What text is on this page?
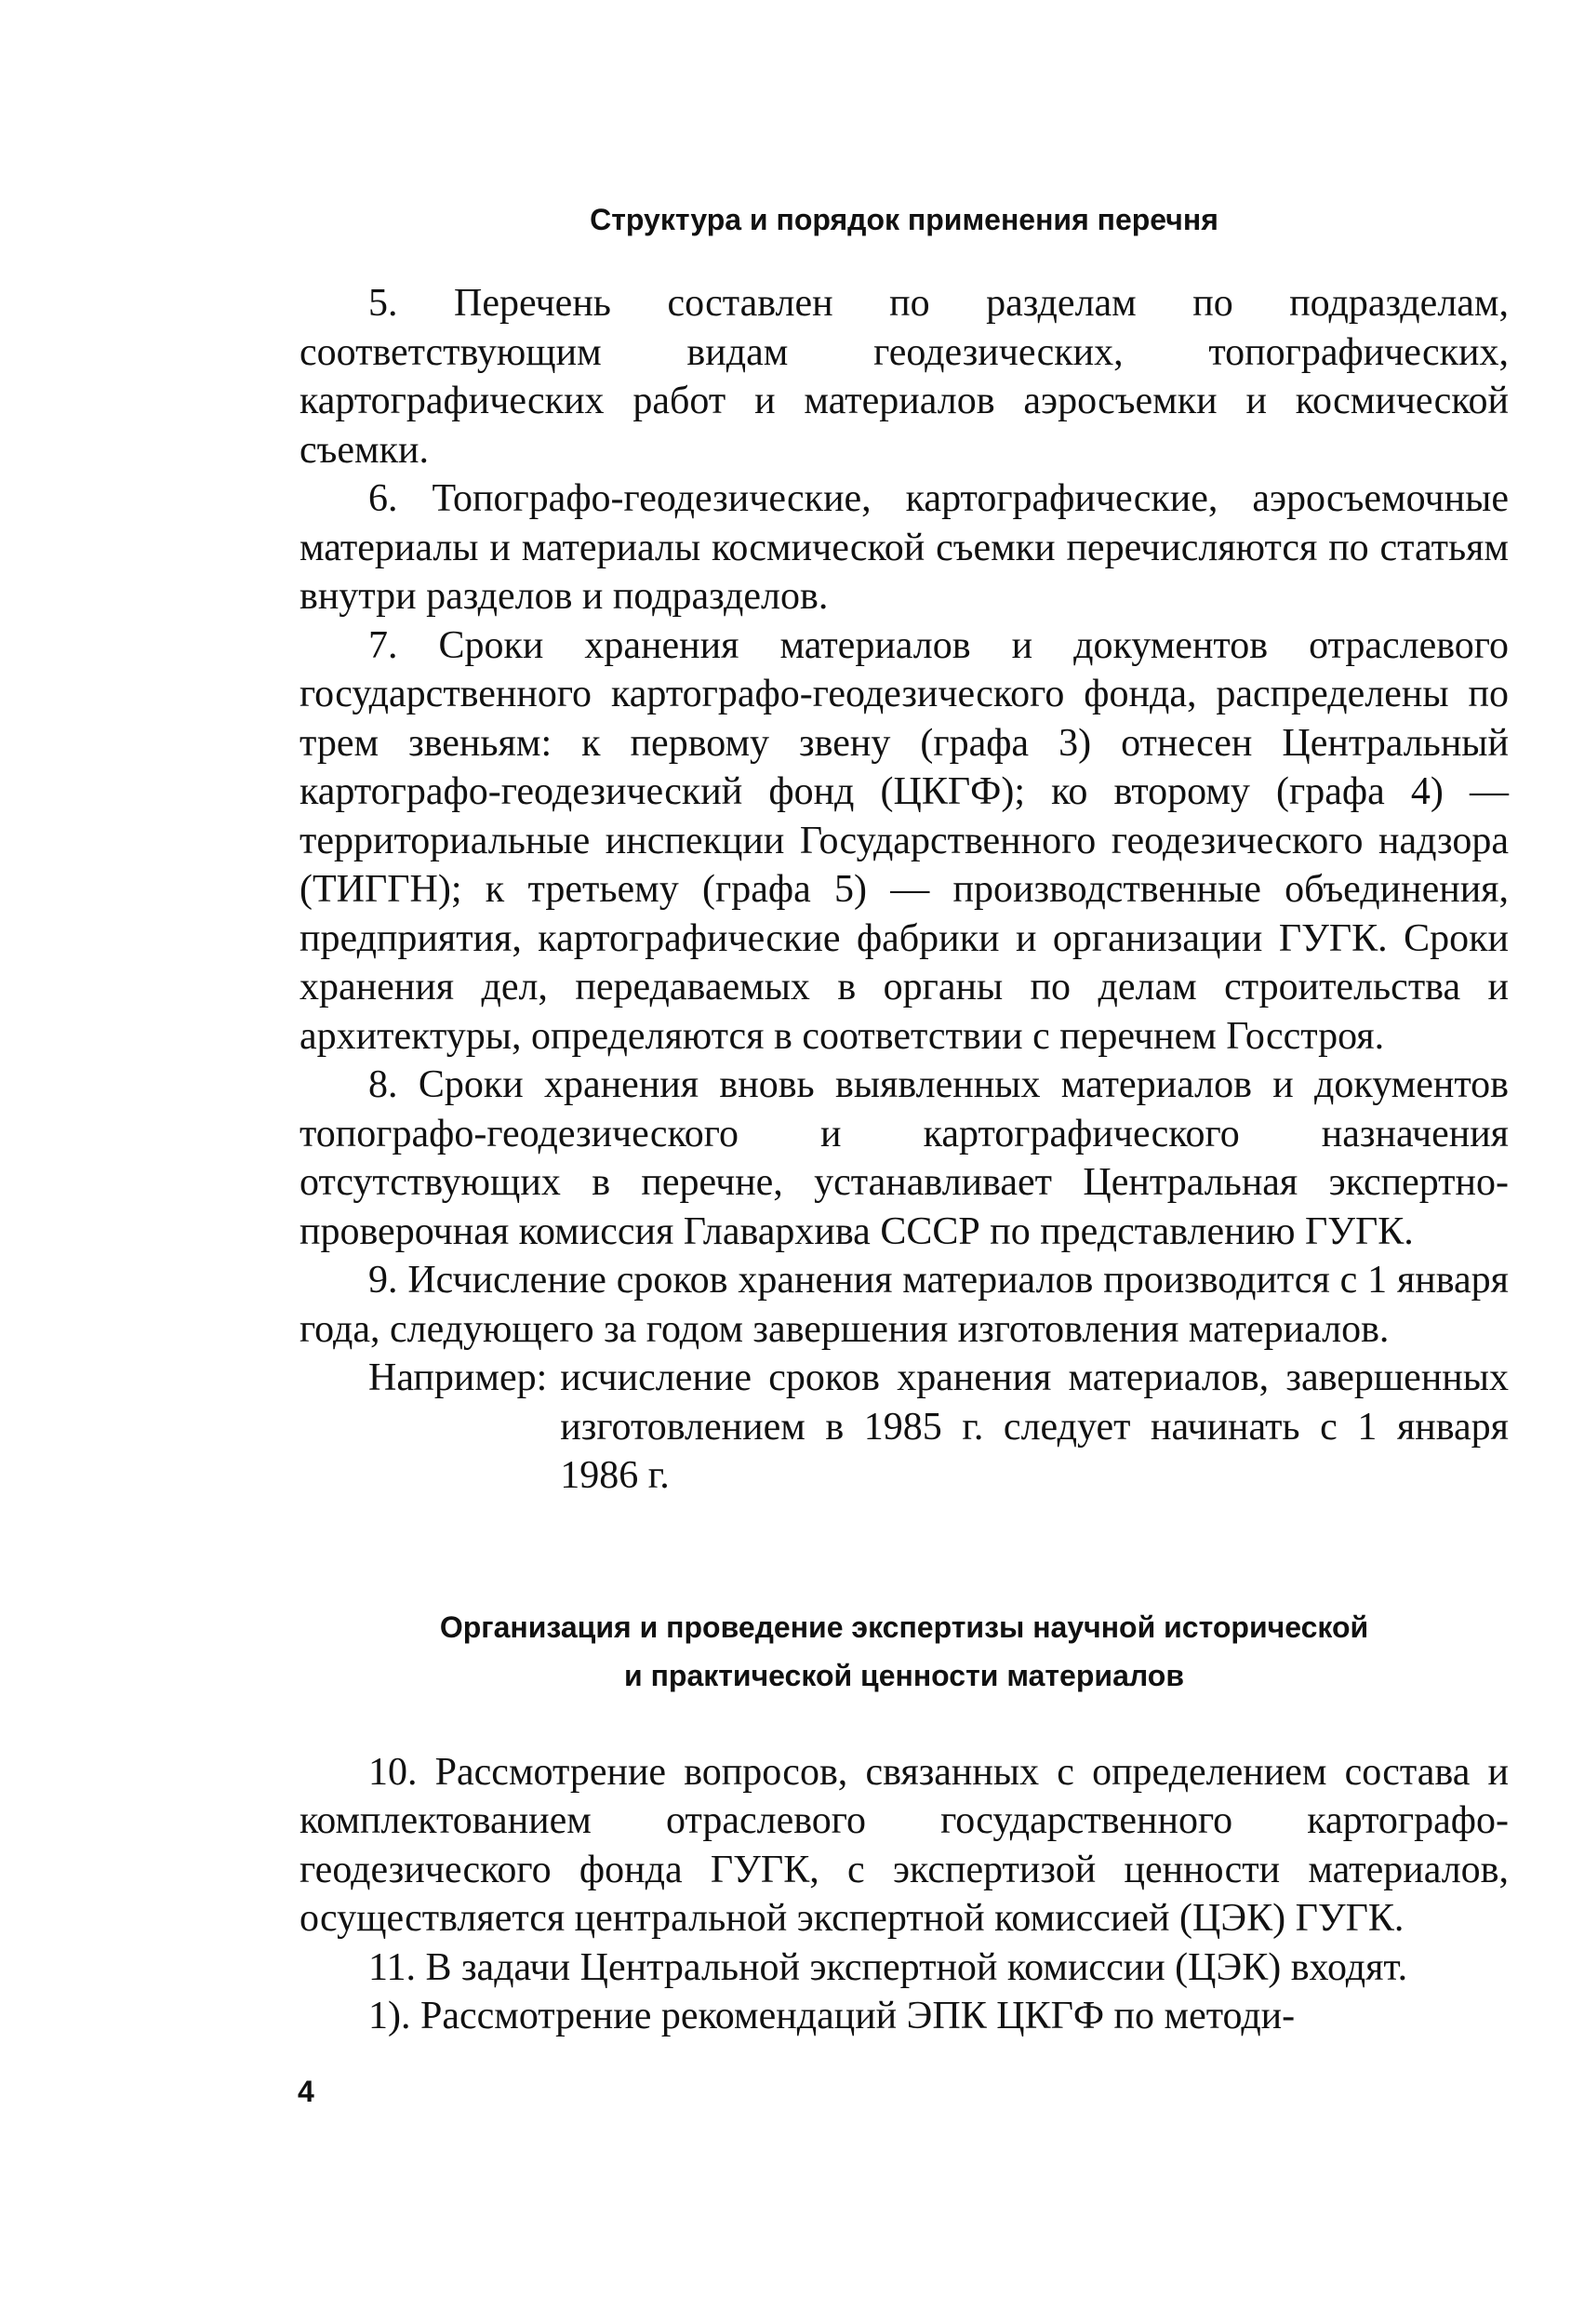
Структура и порядок применения перечня

5. Перечень составлен по разделам по подразделам, соответствующим видам геодезических, топографических, картографических работ и материалов аэросъемки и космической съемки.

6. Топографо-геодезические, картографические, аэросъемочные материалы и материалы космической съемки перечисляются по статьям внутри разделов и подразделов.

7. Сроки хранения материалов и документов отраслевого государственного картографо-геодезического фонда, распределены по трем звеньям: к первому звену (графа 3) отнесен Центральный картографо-геодезический фонд (ЦКГФ); ко второму (графа 4) — территориальные инспекции Государственного геодезического надзора (ТИГГН); к третьему (графа 5) — производственные объединения, предприятия, картографические фабрики и организации ГУГК. Сроки хранения дел, передаваемых в органы по делам строительства и архитектуры, определяются в соответствии с перечнем Госстроя.

8. Сроки хранения вновь выявленных материалов и документов топографо-геодезического и картографического назначения отсутствующих в перечне, устанавливает Центральная экспертно-проверочная комиссия Главархива СССР по представлению ГУГК.

9. Исчисление сроков хранения материалов производится с 1 января года, следующего за годом завершения изготовления материалов.

Например: исчисление сроков хранения материалов, завершенных изготовлением в 1985 г. следует начинать с 1 января 1986 г.
Организация и проведение экспертизы научной исторической
и практической ценности материалов

10. Рассмотрение вопросов, связанных с определением состава и комплектованием отраслевого государственного картографо-геодезического фонда ГУГК, с экспертизой ценности материалов, осуществляется центральной экспертной комиссией (ЦЭК) ГУГК.

11. В задачи Центральной экспертной комиссии (ЦЭК) входят.

1). Рассмотрение рекомендаций ЭПК ЦКГФ по методи-

4
